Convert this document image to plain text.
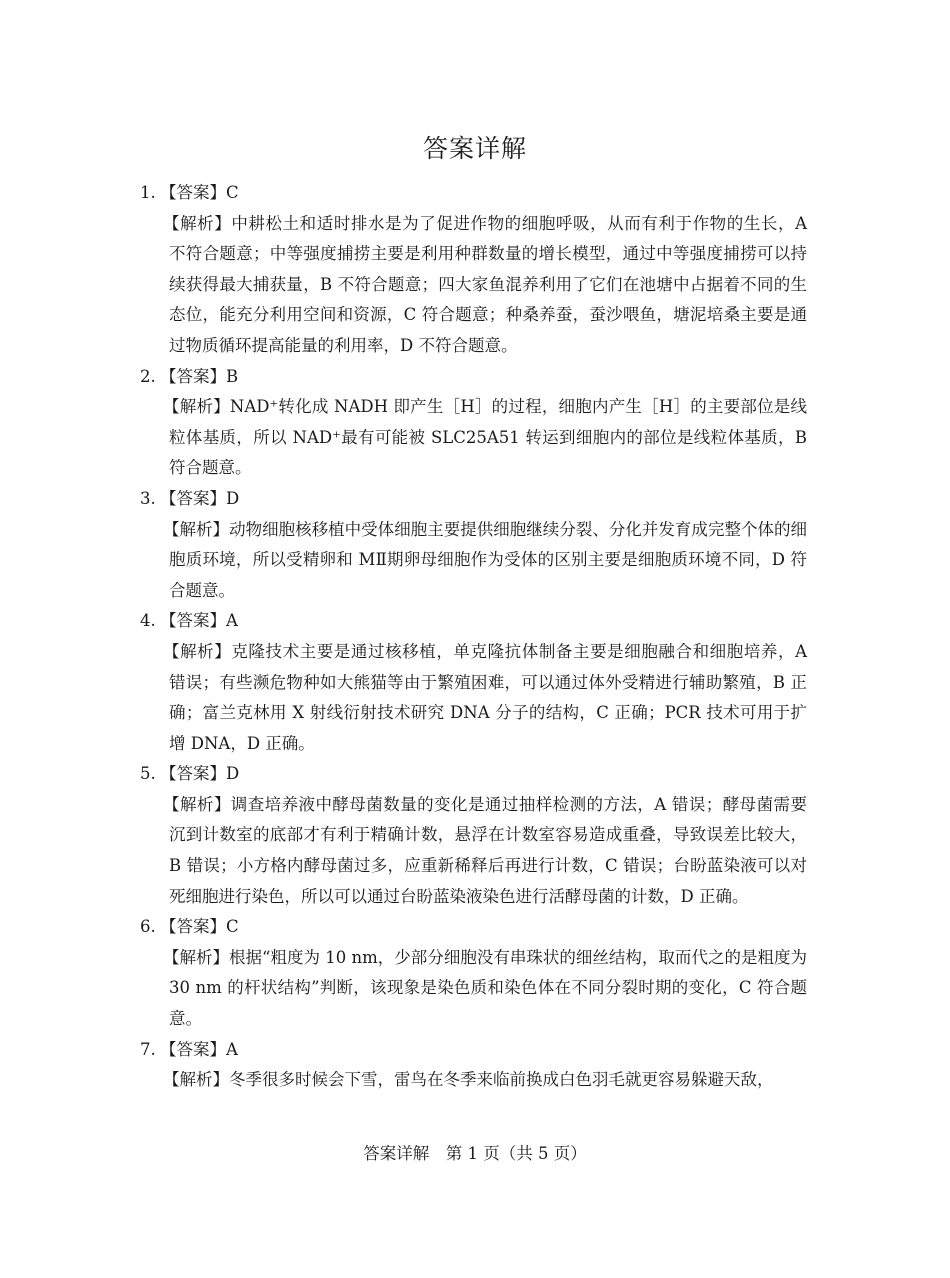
答案详解
1. 【答案】C
【解析】中耕松土和适时排水是为了促进作物的细胞呼吸，从而有利于作物的生长，A 不符合题意；中等强度捕捞主要是利用种群数量的增长模型，通过中等强度捕捞可以持续获得最大捕获量，B 不符合题意；四大家鱼混养利用了它们在池塘中占据着不同的生态位，能充分利用空间和资源，C 符合题意；种桑养蚕，蚕沙喂鱼，塘泥培桑主要是通过物质循环提高能量的利用率，D 不符合题意。
2. 【答案】B
【解析】NAD⁺转化成 NADH 即产生［H］的过程，细胞内产生［H］的主要部位是线粒体基质，所以 NAD⁺最有可能被 SLC25A51 转运到细胞内的部位是线粒体基质，B 符合题意。
3. 【答案】D
【解析】动物细胞核移植中受体细胞主要提供细胞继续分裂、分化并发育成完整个体的细胞质环境，所以受精卵和 MⅡ期卵母细胞作为受体的区别主要是细胞质环境不同，D 符合题意。
4. 【答案】A
【解析】克隆技术主要是通过核移植，单克隆抗体制备主要是细胞融合和细胞培养，A 错误；有些濒危物种如大熊猫等由于繁殖困难，可以通过体外受精进行辅助繁殖，B 正确；富兰克林用 X 射线衍射技术研究 DNA 分子的结构，C 正确；PCR 技术可用于扩增 DNA，D 正确。
5. 【答案】D
【解析】调查培养液中酵母菌数量的变化是通过抽样检测的方法，A 错误；酵母菌需要沉到计数室的底部才有利于精确计数，悬浮在计数室容易造成重叠，导致误差比较大，B 错误；小方格内酵母菌过多，应重新稀释后再进行计数，C 错误；台盼蓝染液可以对死细胞进行染色，所以可以通过台盼蓝染液染色进行活酵母菌的计数，D 正确。
6. 【答案】C
【解析】根据“粗度为 10 nm，少部分细胞没有串珠状的细丝结构，取而代之的是粗度为 30 nm 的杆状结构”判断，该现象是染色质和染色体在不同分裂时期的变化，C 符合题意。
7. 【答案】A
【解析】冬季很多时候会下雪，雷鸟在冬季来临前换成白色羽毛就更容易躲避天敌，
答案详解　第 1 页（共 5 页）
